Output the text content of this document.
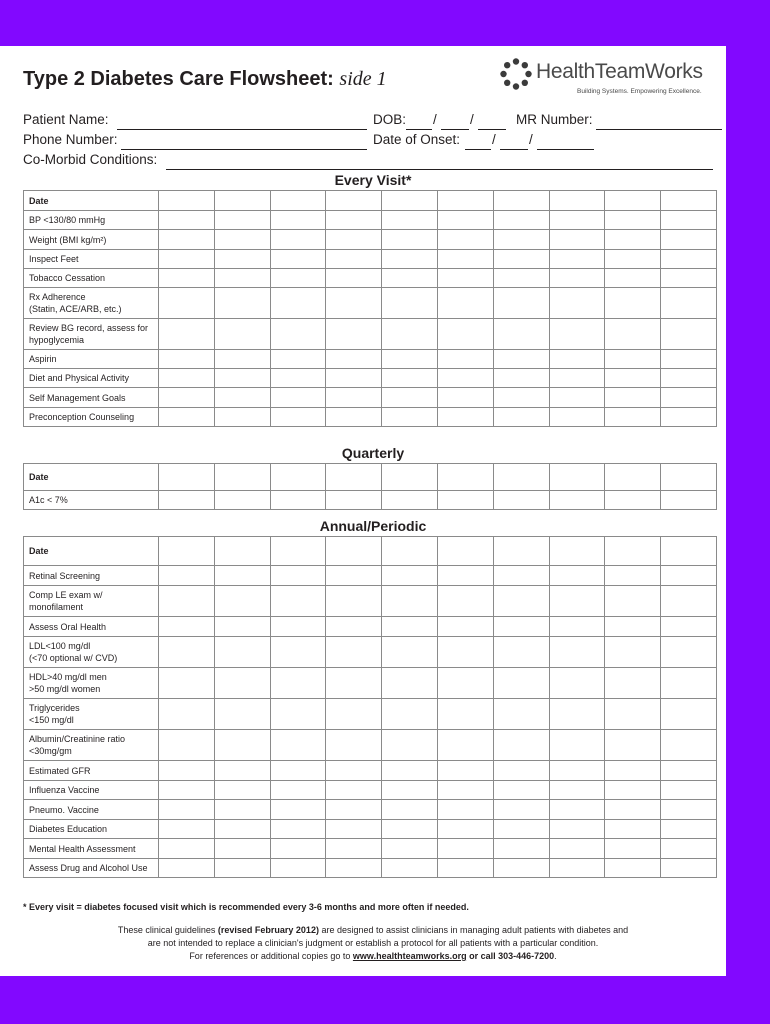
Type 2 Diabetes Care Flowsheet: side 1	HealthTeamWorks
Building Systems. Empowering Excellence.
Patient Name:	DOB: / /	MR Number:
Phone Number:	Date of Onset: / /
Co-Morbid Conditions:
Every Visit*
Date										
BP <130/80 mmHg										
Weight (BMI kg/m²)										
Inspect Feet										
Tobacco Cessation										
Rx Adherence
(Statin, ACE/ARB, etc.)										
Review BG record, assess for
hypoglycemia										
Aspirin										
Diet and Physical Activity										
Self Management Goals										
Preconception Counseling										
Quarterly
Date										
A1c < 7%										
Annual/Periodic
Date										
Retinal Screening										
Comp LE exam w/
monofilament										
Assess Oral Health										
LDL<100 mg/dl
(<70 optional w/ CVD)										
HDL>40 mg/dl men
>50 mg/dl women										
Triglycerides
<150 mg/dl										
Albumin/Creatinine ratio
<30mg/gm										
Estimated GFR										
Influenza Vaccine										
Pneumo. Vaccine										
Diabetes Education										
Mental Health Assessment										
Assess Drug and Alcohol Use										
* Every visit = diabetes focused visit which is recommended every 3-6 months and more often if needed.
These clinical guidelines (revised February 2012) are designed to assist clinicians in managing adult patients with diabetes and
are not intended to replace a clinician's judgment or establish a protocol for all patients with a particular condition.
For references or additional copies go to www.healthteamworks.org or call 303-446-7200.
